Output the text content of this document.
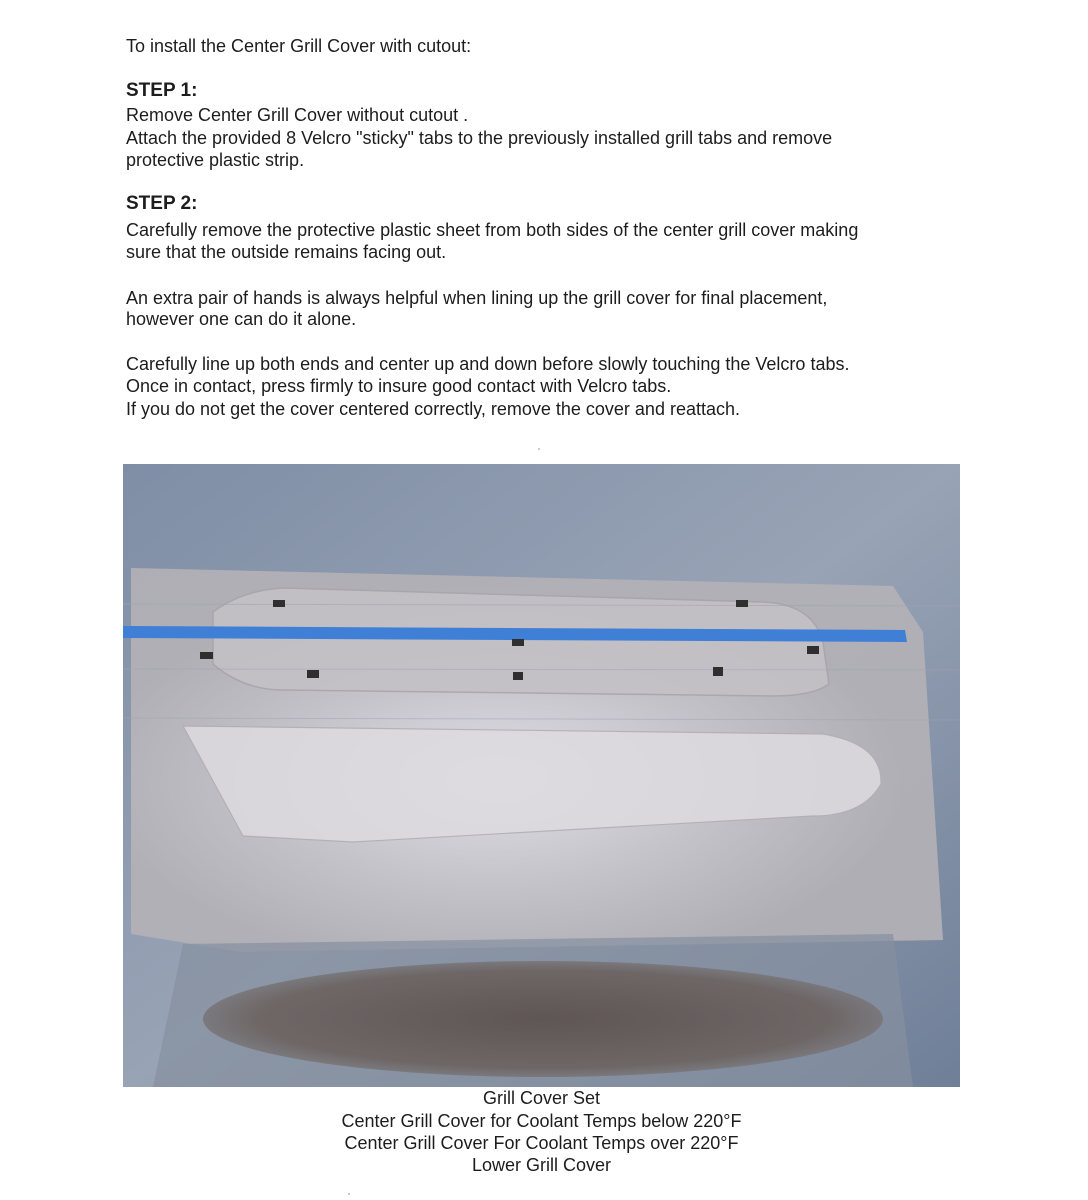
To install the Center Grill Cover with cutout:
STEP 1:
Remove Center Grill Cover without cutout .
Attach the provided 8 Velcro "sticky" tabs to the previously installed grill tabs and remove
protective plastic strip.
STEP 2:
Carefully remove the protective plastic sheet from both sides of the center grill cover making
sure that the outside remains facing out.
An extra pair of hands is always helpful when lining up the grill cover for final placement,
however one can do it alone.
Carefully line up both ends and center up and down before slowly touching the Velcro tabs.
Once in contact, press firmly to insure good contact with Velcro tabs.
If you do not get the cover centered correctly, remove the cover and reattach.
Grill Cover Set
Center Grill Cover for Coolant Temps below 220°F
Center Grill Cover For Coolant Temps over 220°F
Lower Grill Cover
